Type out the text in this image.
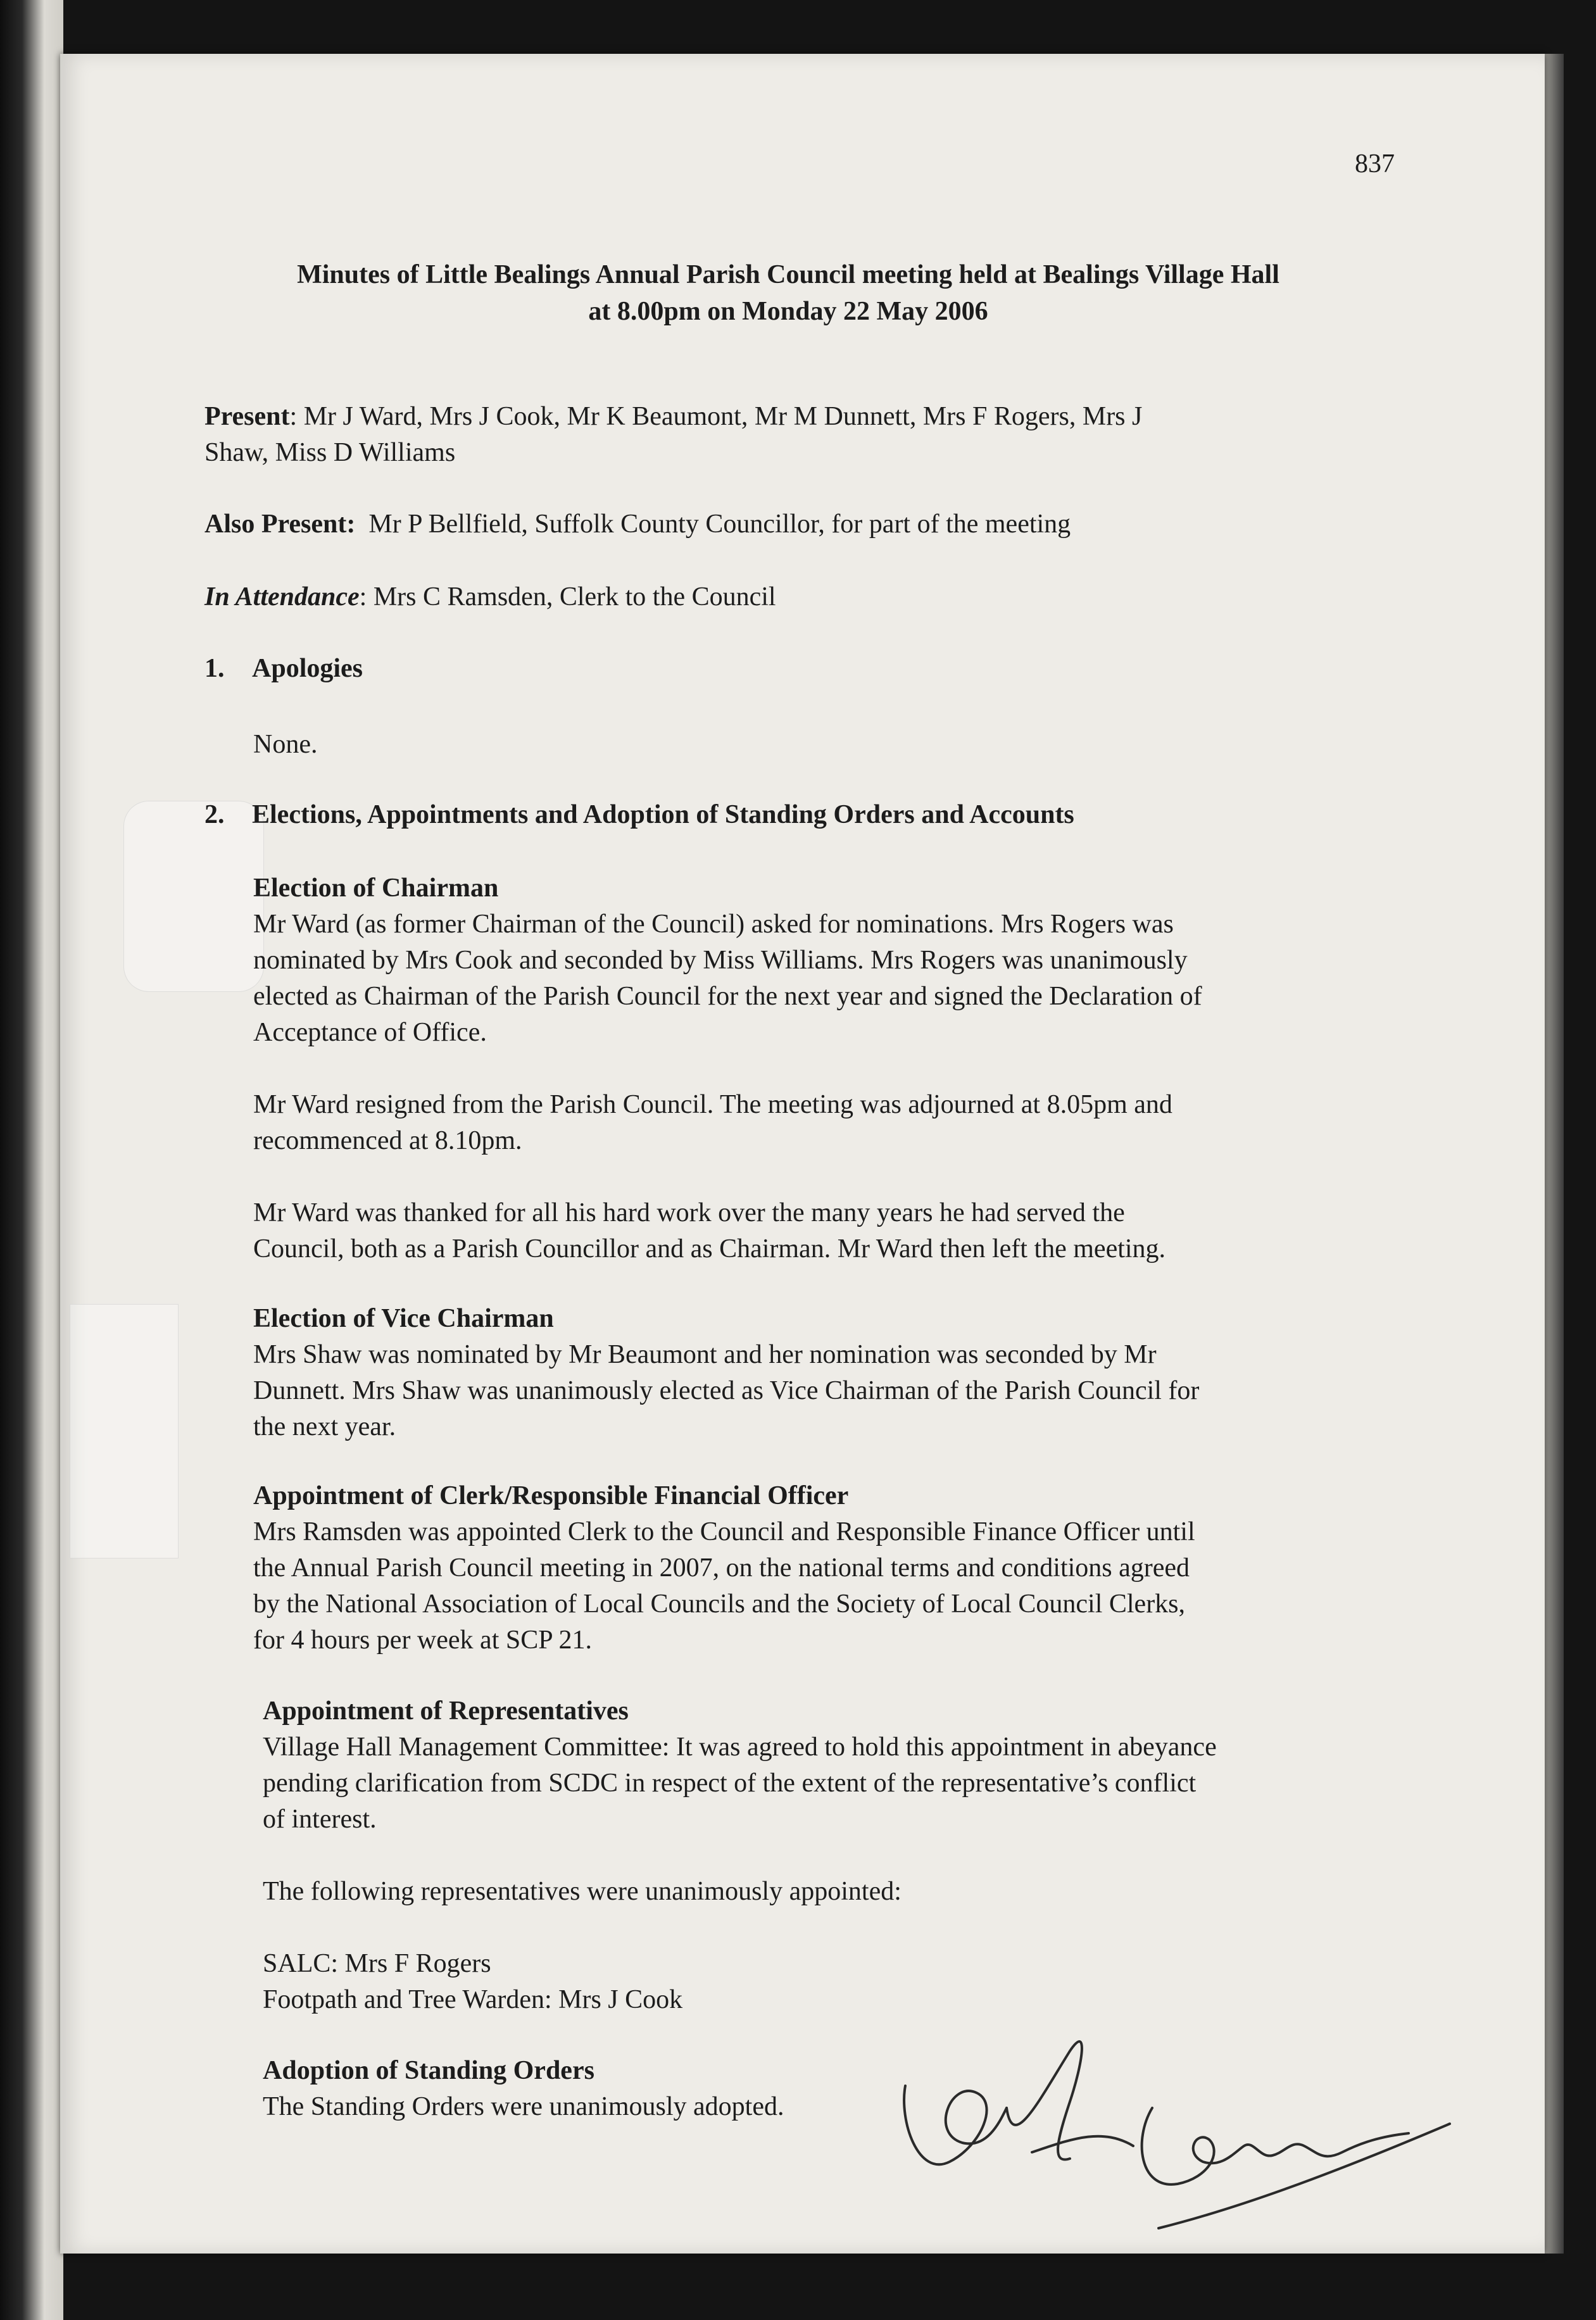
837
Minutes of Little Bealings Annual Parish Council meeting held at Bealings Village Hall
at 8.00pm on Monday 22 May 2006
Present: Mr J Ward, Mrs J Cook, Mr K Beaumont, Mr M Dunnett, Mrs F Rogers, Mrs J
Shaw, Miss D Williams
Also Present: Mr P Bellfield, Suffolk County Councillor, for part of the meeting
In Attendance: Mrs C Ramsden, Clerk to the Council
1. Apologies
None.
2. Elections, Appointments and Adoption of Standing Orders and Accounts
Election of Chairman
Mr Ward (as former Chairman of the Council) asked for nominations. Mrs Rogers was
nominated by Mrs Cook and seconded by Miss Williams. Mrs Rogers was unanimously
elected as Chairman of the Parish Council for the next year and signed the Declaration of
Acceptance of Office.
Mr Ward resigned from the Parish Council. The meeting was adjourned at 8.05pm and
recommenced at 8.10pm.
Mr Ward was thanked for all his hard work over the many years he had served the
Council, both as a Parish Councillor and as Chairman. Mr Ward then left the meeting.
Election of Vice Chairman
Mrs Shaw was nominated by Mr Beaumont and her nomination was seconded by Mr
Dunnett. Mrs Shaw was unanimously elected as Vice Chairman of the Parish Council for
the next year.
Appointment of Clerk/Responsible Financial Officer
Mrs Ramsden was appointed Clerk to the Council and Responsible Finance Officer until
the Annual Parish Council meeting in 2007, on the national terms and conditions agreed
by the National Association of Local Councils and the Society of Local Council Clerks,
for 4 hours per week at SCP 21.
Appointment of Representatives
Village Hall Management Committee: It was agreed to hold this appointment in abeyance
pending clarification from SCDC in respect of the extent of the representative’s conflict
of interest.
The following representatives were unanimously appointed:
SALC: Mrs F Rogers
Footpath and Tree Warden: Mrs J Cook
Adoption of Standing Orders
The Standing Orders were unanimously adopted.
